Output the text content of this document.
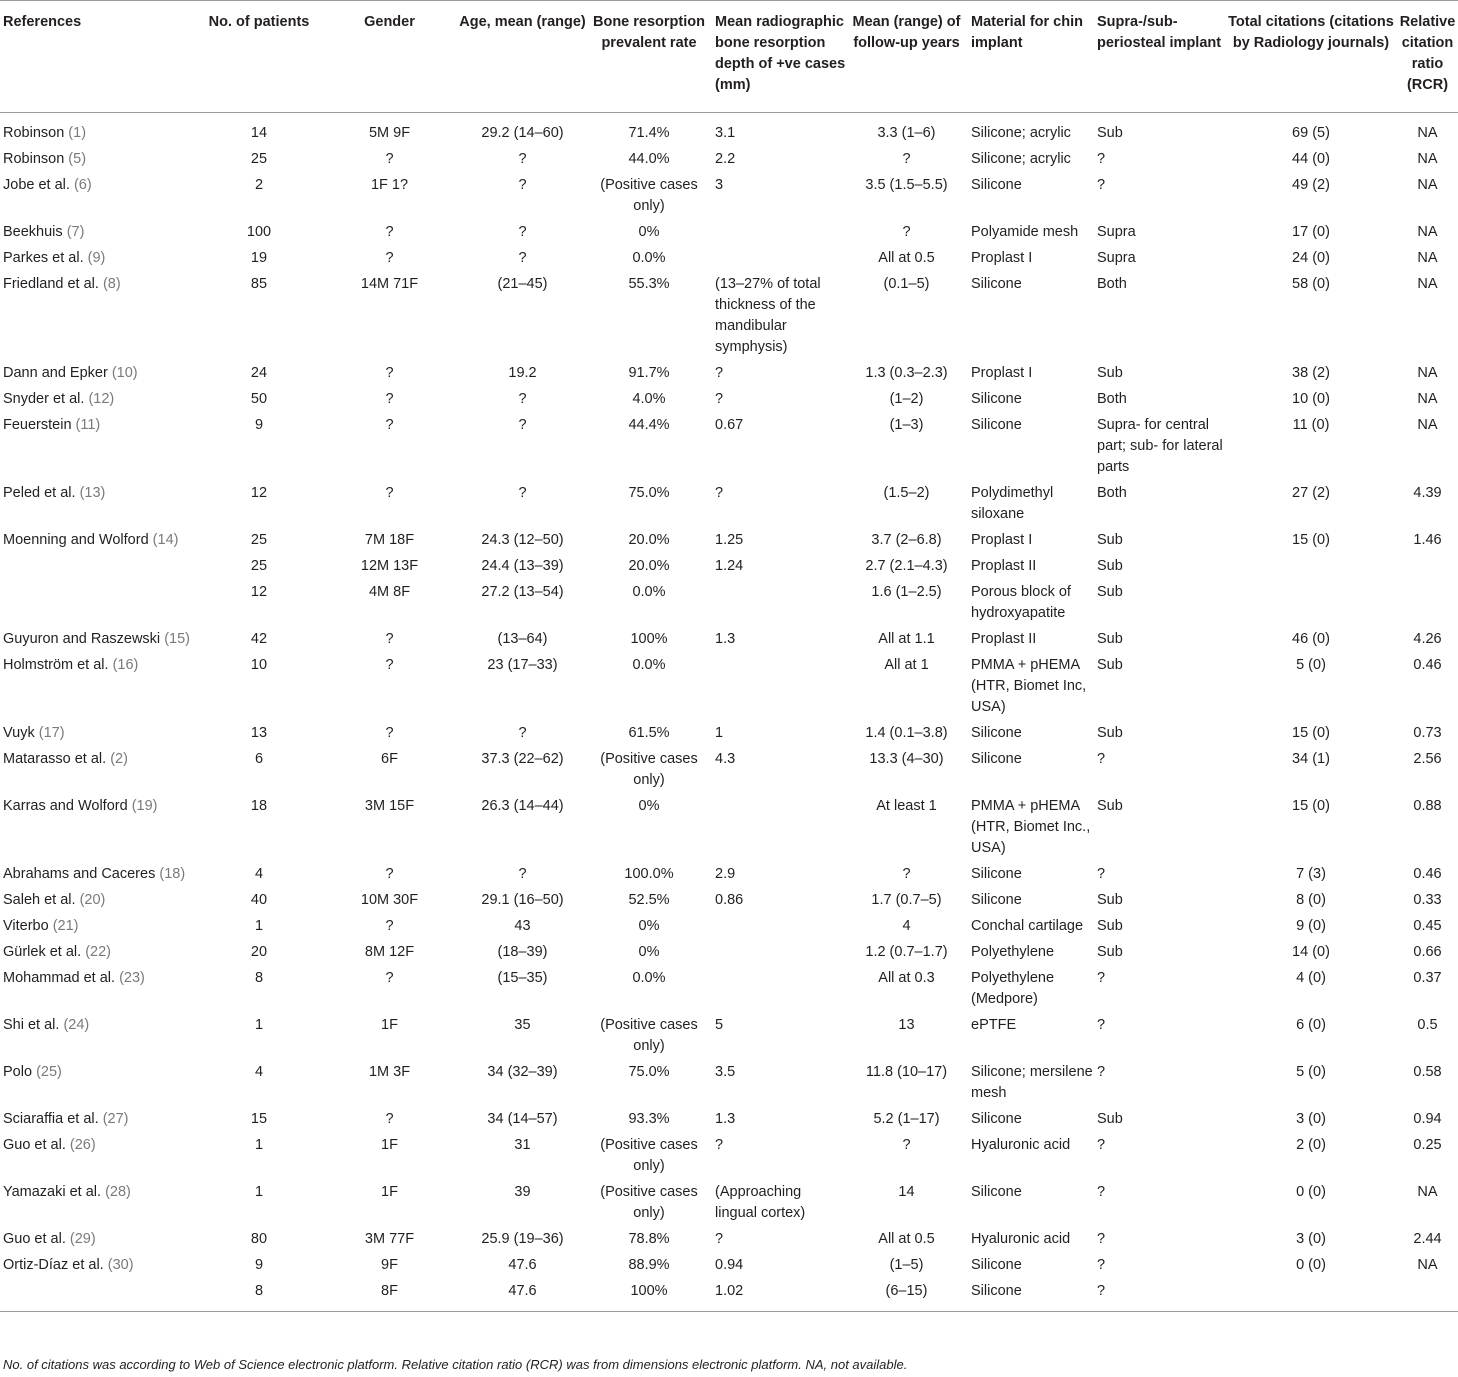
References	No. of patients	Gender	Age, mean (range)	Bone resorption prevalent rate	Mean radiographic bone resorption depth of +ve cases (mm)	Mean (range) of follow-up years	Material for chin implant	Supra-/sub-periosteal implant	Total citations (citations by Radiology journals)	Relative citation ratio (RCR)
Robinson (1)	14	5M 9F	29.2 (14–60)	71.4%	3.1	3.3 (1–6)	Silicone; acrylic	Sub	69 (5)	NA
Robinson (5)	25	?	?	44.0%	2.2	?	Silicone; acrylic	?	44 (0)	NA
Jobe et al. (6)	2	1F 1?	?	(Positive cases only)	3	3.5 (1.5–5.5)	Silicone	?	49 (2)	NA
Beekhuis (7)	100	?	?	0%		?	Polyamide mesh	Supra	17 (0)	NA
Parkes et al. (9)	19	?	?	0.0%		All at 0.5	Proplast I	Supra	24 (0)	NA
Friedland et al. (8)	85	14M 71F	(21–45)	55.3%	(13–27% of total thickness of the mandibular symphysis)	(0.1–5)	Silicone	Both	58 (0)	NA
Dann and Epker (10)	24	?	19.2	91.7%	?	1.3 (0.3–2.3)	Proplast I	Sub	38 (2)	NA
Snyder et al. (12)	50	?	?	4.0%	?	(1–2)	Silicone	Both	10 (0)	NA
Feuerstein (11)	9	?	?	44.4%	0.67	(1–3)	Silicone	Supra- for central part; sub- for lateral parts	11 (0)	NA
Peled et al. (13)	12	?	?	75.0%	?	(1.5–2)	Polydimethyl siloxane	Both	27 (2)	4.39
Moenning and Wolford (14)	25	7M 18F	24.3 (12–50)	20.0%	1.25	3.7 (2–6.8)	Proplast I	Sub	15 (0)	1.46
	25	12M 13F	24.4 (13–39)	20.0%	1.24	2.7 (2.1–4.3)	Proplast II	Sub		
	12	4M 8F	27.2 (13–54)	0.0%		1.6 (1–2.5)	Porous block of hydroxyapatite	Sub		
Guyuron and Raszewski (15)	42	?	(13–64)	100%	1.3	All at 1.1	Proplast II	Sub	46 (0)	4.26
Holmström et al. (16)	10	?	23 (17–33)	0.0%		All at 1	PMMA + pHEMA (HTR, Biomet Inc, USA)	Sub	5 (0)	0.46
Vuyk (17)	13	?	?	61.5%	1	1.4 (0.1–3.8)	Silicone	Sub	15 (0)	0.73
Matarasso et al. (2)	6	6F	37.3 (22–62)	(Positive cases only)	4.3	13.3 (4–30)	Silicone	?	34 (1)	2.56
Karras and Wolford (19)	18	3M 15F	26.3 (14–44)	0%		At least 1	PMMA + pHEMA (HTR, Biomet Inc., USA)	Sub	15 (0)	0.88
Abrahams and Caceres (18)	4	?	?	100.0%	2.9	?	Silicone	?	7 (3)	0.46
Saleh et al. (20)	40	10M 30F	29.1 (16–50)	52.5%	0.86	1.7 (0.7–5)	Silicone	Sub	8 (0)	0.33
Viterbo (21)	1	?	43	0%		4	Conchal cartilage	Sub	9 (0)	0.45
Gürlek et al. (22)	20	8M 12F	(18–39)	0%		1.2 (0.7–1.7)	Polyethylene	Sub	14 (0)	0.66
Mohammad et al. (23)	8	?	(15–35)	0.0%		All at 0.3	Polyethylene (Medpore)	?	4 (0)	0.37
Shi et al. (24)	1	1F	35	(Positive cases only)	5	13	ePTFE	?	6 (0)	0.5
Polo (25)	4	1M 3F	34 (32–39)	75.0%	3.5	11.8 (10–17)	Silicone; mersilene mesh	?	5 (0)	0.58
Sciaraffia et al. (27)	15	?	34 (14–57)	93.3%	1.3	5.2 (1–17)	Silicone	Sub	3 (0)	0.94
Guo et al. (26)	1	1F	31	(Positive cases only)	?	?	Hyaluronic acid	?	2 (0)	0.25
Yamazaki et al. (28)	1	1F	39	(Positive cases only)	(Approaching lingual cortex)	14	Silicone	?	0 (0)	NA
Guo et al. (29)	80	3M 77F	25.9 (19–36)	78.8%	?	All at 0.5	Hyaluronic acid	?	3 (0)	2.44
Ortiz-Díaz et al. (30)	9	9F	47.6	88.9%	0.94	(1–5)	Silicone	?	0 (0)	NA
	8	8F	47.6	100%	1.02	(6–15)	Silicone	?		
No. of citations was according to Web of Science electronic platform. Relative citation ratio (RCR) was from dimensions electronic platform. NA, not available.
